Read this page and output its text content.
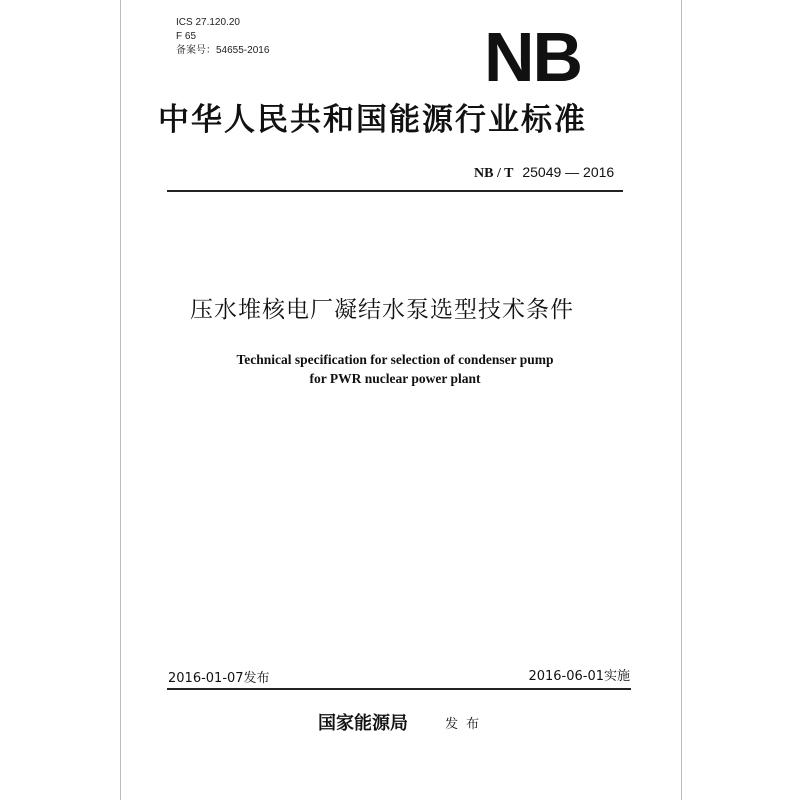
ICS 27.120.20
F 65
备案号：54655-2016	NB
中华人民共和国能源行业标准
NB / T 25049 — 2016
压水堆核电厂凝结水泵选型技术条件
Technical specification for selection of condenser pump
for PWR nuclear power plant
2016-01-07发布	2016-06-01实施
国家能源局	发布
